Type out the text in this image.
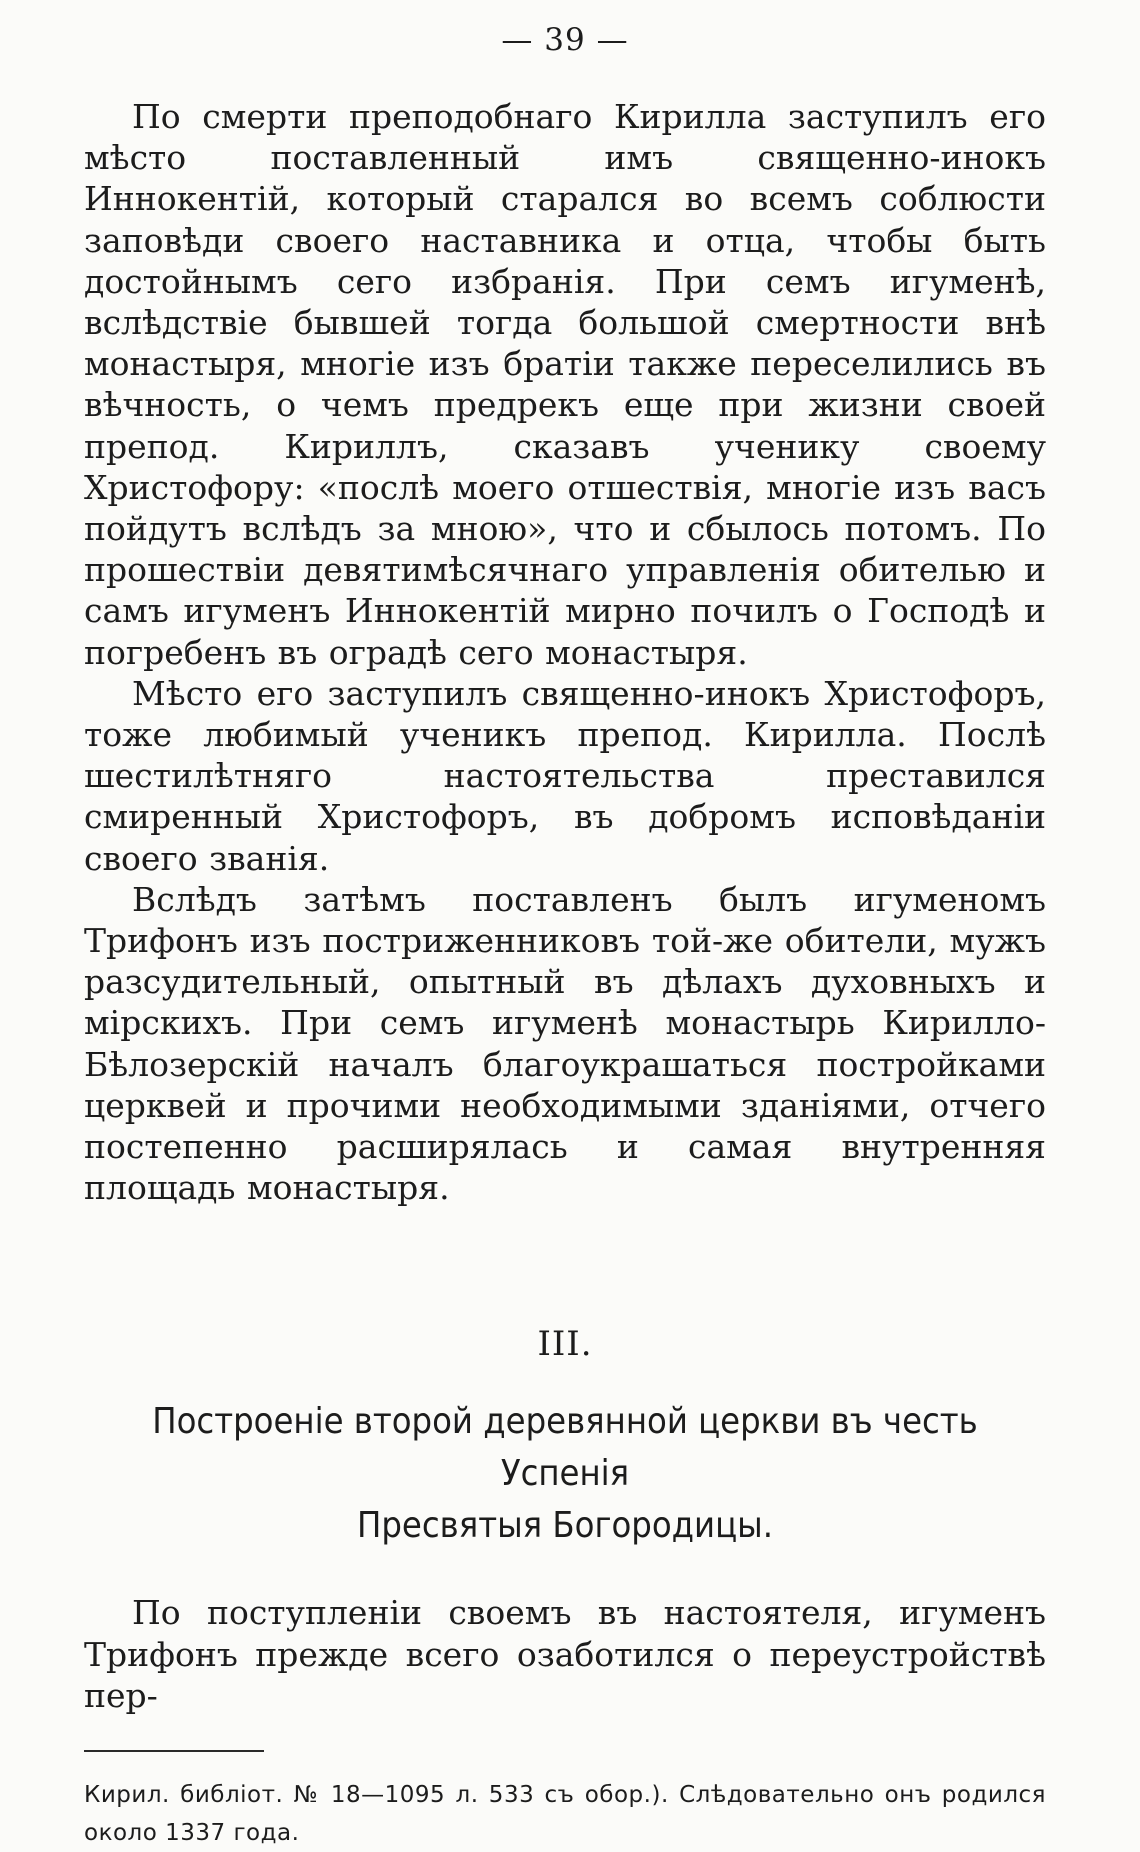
— 39 —

По смерти преподобнаго Кирилла заступилъ его мѣсто поставленный имъ священно-инокъ Иннокентій, который старался во всемъ соблюсти заповѣди своего наставника и отца, чтобы быть достойнымъ сего избранія. При семъ игуменѣ, вслѣдствіе бывшей тогда большой смертности внѣ монастыря, многіе изъ братіи также переселились въ вѣчность, о чемъ предрекъ еще при жизни своей препод. Кириллъ, сказавъ ученику своему Христофору: «послѣ моего отшествія, многіе изъ васъ пойдутъ вслѣдъ за мною», что и сбылось потомъ. По прошествіи девятимѣсячнаго управленія обителью и самъ игуменъ Иннокентій мирно почилъ о Господѣ и погребенъ въ оградѣ сего монастыря.

Мѣсто его заступилъ священно-инокъ Христофоръ, тоже любимый ученикъ препод. Кирилла. Послѣ шестилѣтняго настоятельства преставился смиренный Христофоръ, въ добромъ исповѣданіи своего званія.

Вслѣдъ затѣмъ поставленъ былъ игуменомъ Трифонъ изъ постриженниковъ той-же обители, мужъ разсудительный, опытный въ дѣлахъ духовныхъ и мірскихъ. При семъ игуменѣ монастырь Кирилло-Бѣлозерскій началъ благоукрашаться постройками церквей и прочими необходимыми зданіями, отчего постепенно расширялась и самая внутренняя площадь монастыря.

III.
Построеніе второй деревянной церкви въ честь Успенія
Пресвятыя Богородицы.

По поступленіи своемъ въ настоятеля, игуменъ Трифонъ прежде всего озаботился о переустройствѣ пер-

Кирил. библіот. № 18—1095 л. 533 съ обор.). Слѣдовательно онъ родился около 1337 года.
